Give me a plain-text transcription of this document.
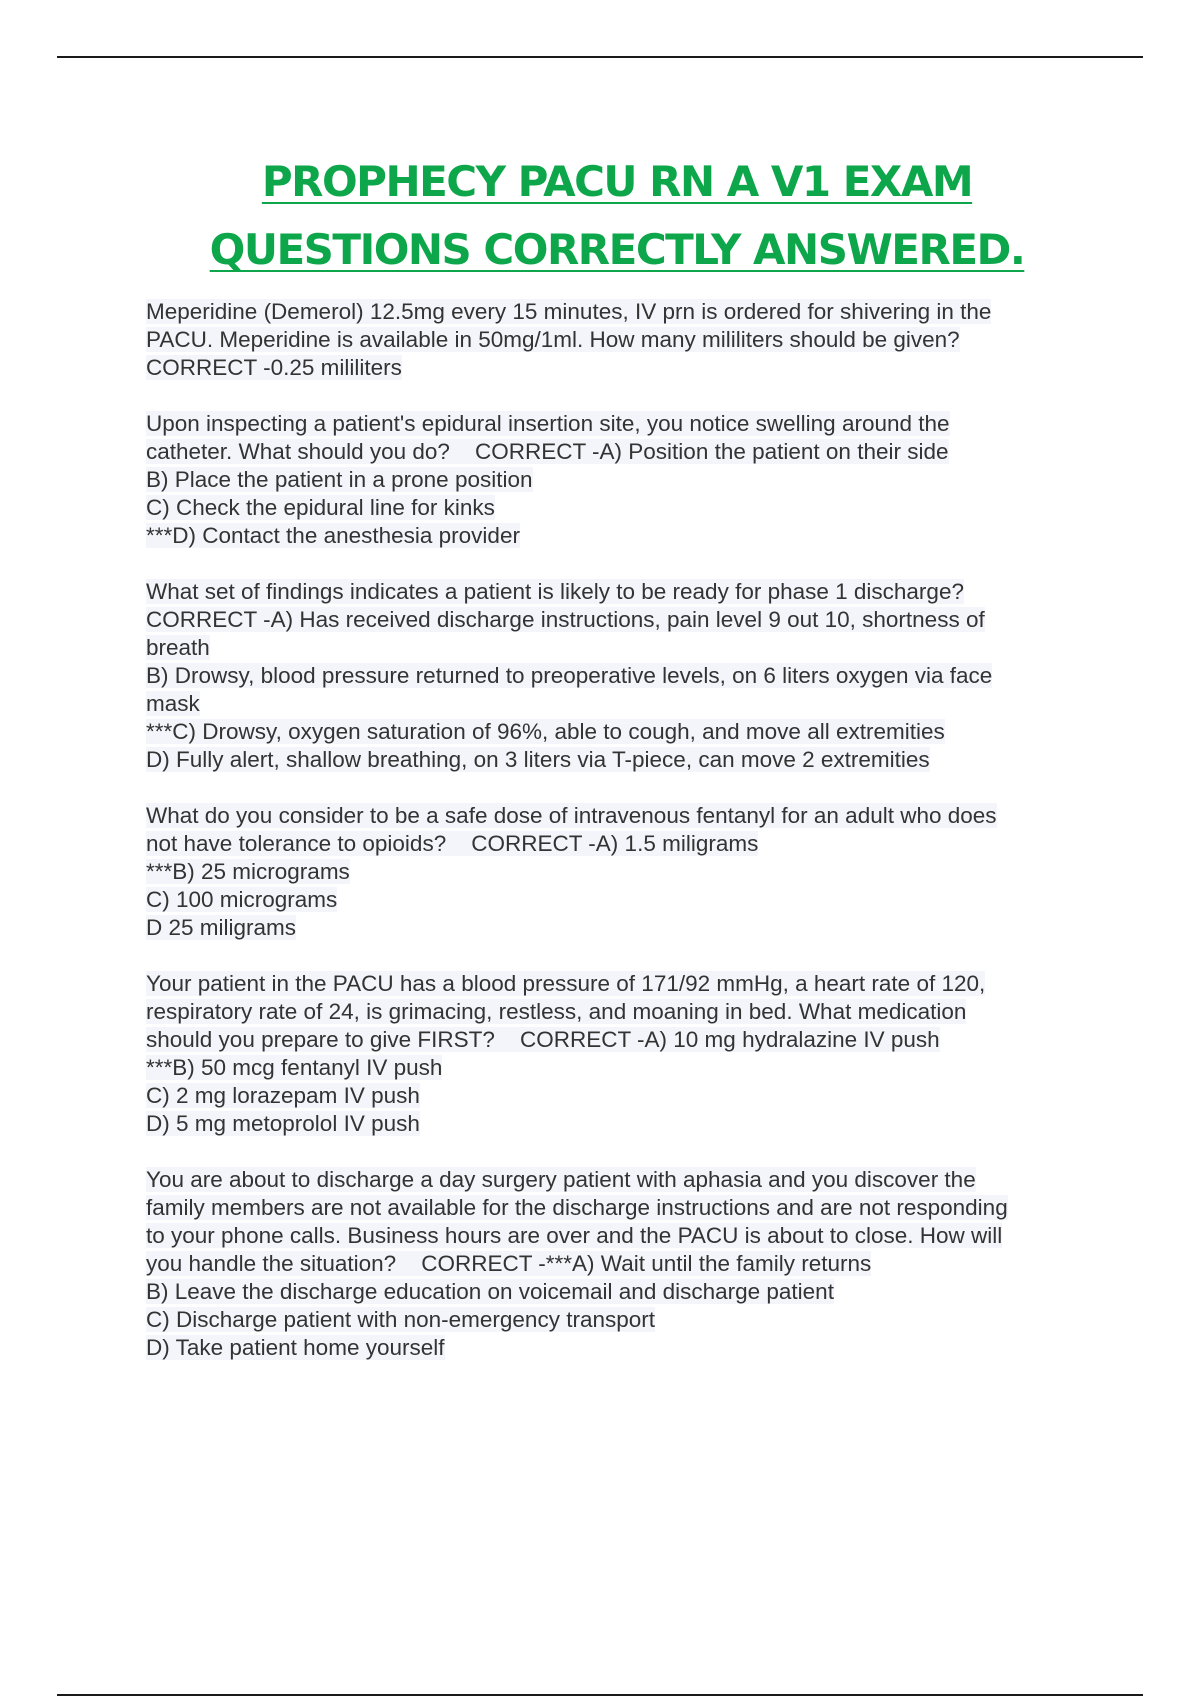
PROPHECY PACU RN A V1 EXAM
QUESTIONS CORRECTLY ANSWERED.

Meperidine (Demerol) 12.5mg every 15 minutes, IV prn is ordered for shivering in the

PACU. Meperidine is available in 50mg/1ml. How many mililiters should be given?

CORRECT -0.25 mililiters

Upon inspecting a patient's epidural insertion site, you notice swelling around the

catheter. What should you do?    CORRECT -A) Position the patient on their side

B) Place the patient in a prone position

C) Check the epidural line for kinks

***D) Contact the anesthesia provider

What set of findings indicates a patient is likely to be ready for phase 1 discharge?

CORRECT -A) Has received discharge instructions, pain level 9 out 10, shortness of

breath

B) Drowsy, blood pressure returned to preoperative levels, on 6 liters oxygen via face

mask

***C) Drowsy, oxygen saturation of 96%, able to cough, and move all extremities

D) Fully alert, shallow breathing, on 3 liters via T-piece, can move 2 extremities

What do you consider to be a safe dose of intravenous fentanyl for an adult who does

not have tolerance to opioids?    CORRECT -A) 1.5 miligrams

***B) 25 micrograms

C) 100 micrograms

D 25 miligrams

Your patient in the PACU has a blood pressure of 171/92 mmHg, a heart rate of 120,

respiratory rate of 24, is grimacing, restless, and moaning in bed. What medication

should you prepare to give FIRST?    CORRECT -A) 10 mg hydralazine IV push

***B) 50 mcg fentanyl IV push

C) 2 mg lorazepam IV push

D) 5 mg metoprolol IV push

You are about to discharge a day surgery patient with aphasia and you discover the

family members are not available for the discharge instructions and are not responding

to your phone calls. Business hours are over and the PACU is about to close. How will

you handle the situation?    CORRECT -***A) Wait until the family returns

B) Leave the discharge education on voicemail and discharge patient

C) Discharge patient with non-emergency transport

D) Take patient home yourself
